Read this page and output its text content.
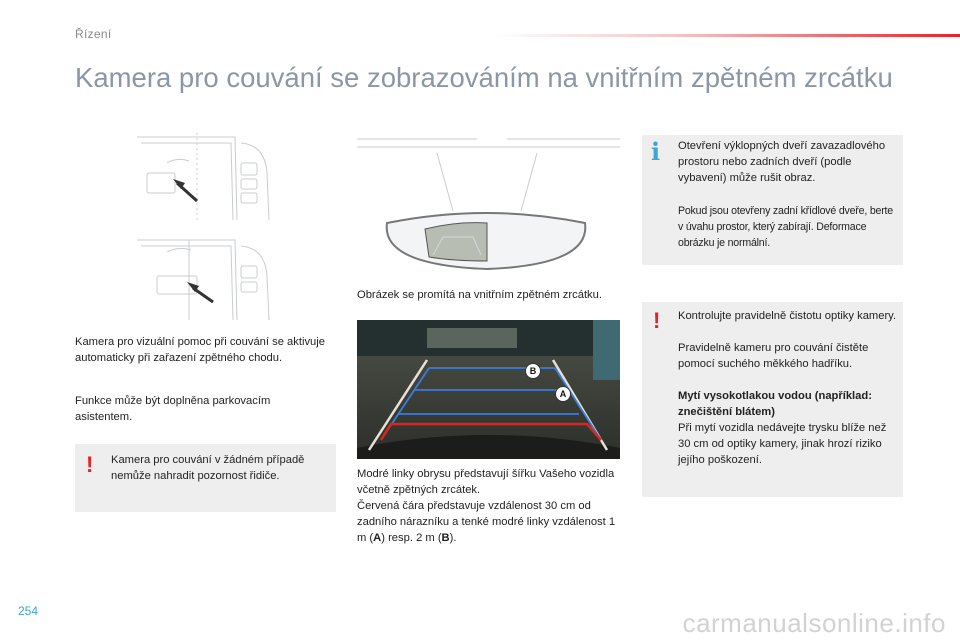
Řízení
Kamera pro couvání se zobrazováním na vnitřním zpětném zrcátku
Obrázek se promítá na vnitřním zpětném zrcátku.
B
A
Modré linky obrysu představují šířku Vašeho vozidla včetně zpětných zrcátek.
Červená čára představuje vzdálenost 30 cm od zadního nárazníku a tenké modré linky vzdálenost 1 m (A) resp. 2 m (B).
Kamera pro vizuální pomoc při couvání se aktivuje automaticky při zařazení zpětného chodu.
Funkce může být doplněna parkovacím asistentem.
! Kamera pro couvání v žádném případě nemůže nahradit pozornost řidiče.
i Otevření výklopných dveří zavazadlového prostoru nebo zadních dveří (podle vybavení) může rušit obraz.
Pokud jsou otevřeny zadní křídlové dveře, berte v úvahu prostor, který zabírají. Deformace obrázku je normální.
! Kontrolujte pravidelně čistotu optiky kamery.
Pravidelně kameru pro couvání čistěte pomocí suchého měkkého hadříku.
Mytí vysokotlakou vodou (například: znečištění blátem)
Při mytí vozidla nedávejte trysku blíže než 30 cm od optiky kamery, jinak hrozí riziko jejího poškození.
254	carmanualsonline.info
